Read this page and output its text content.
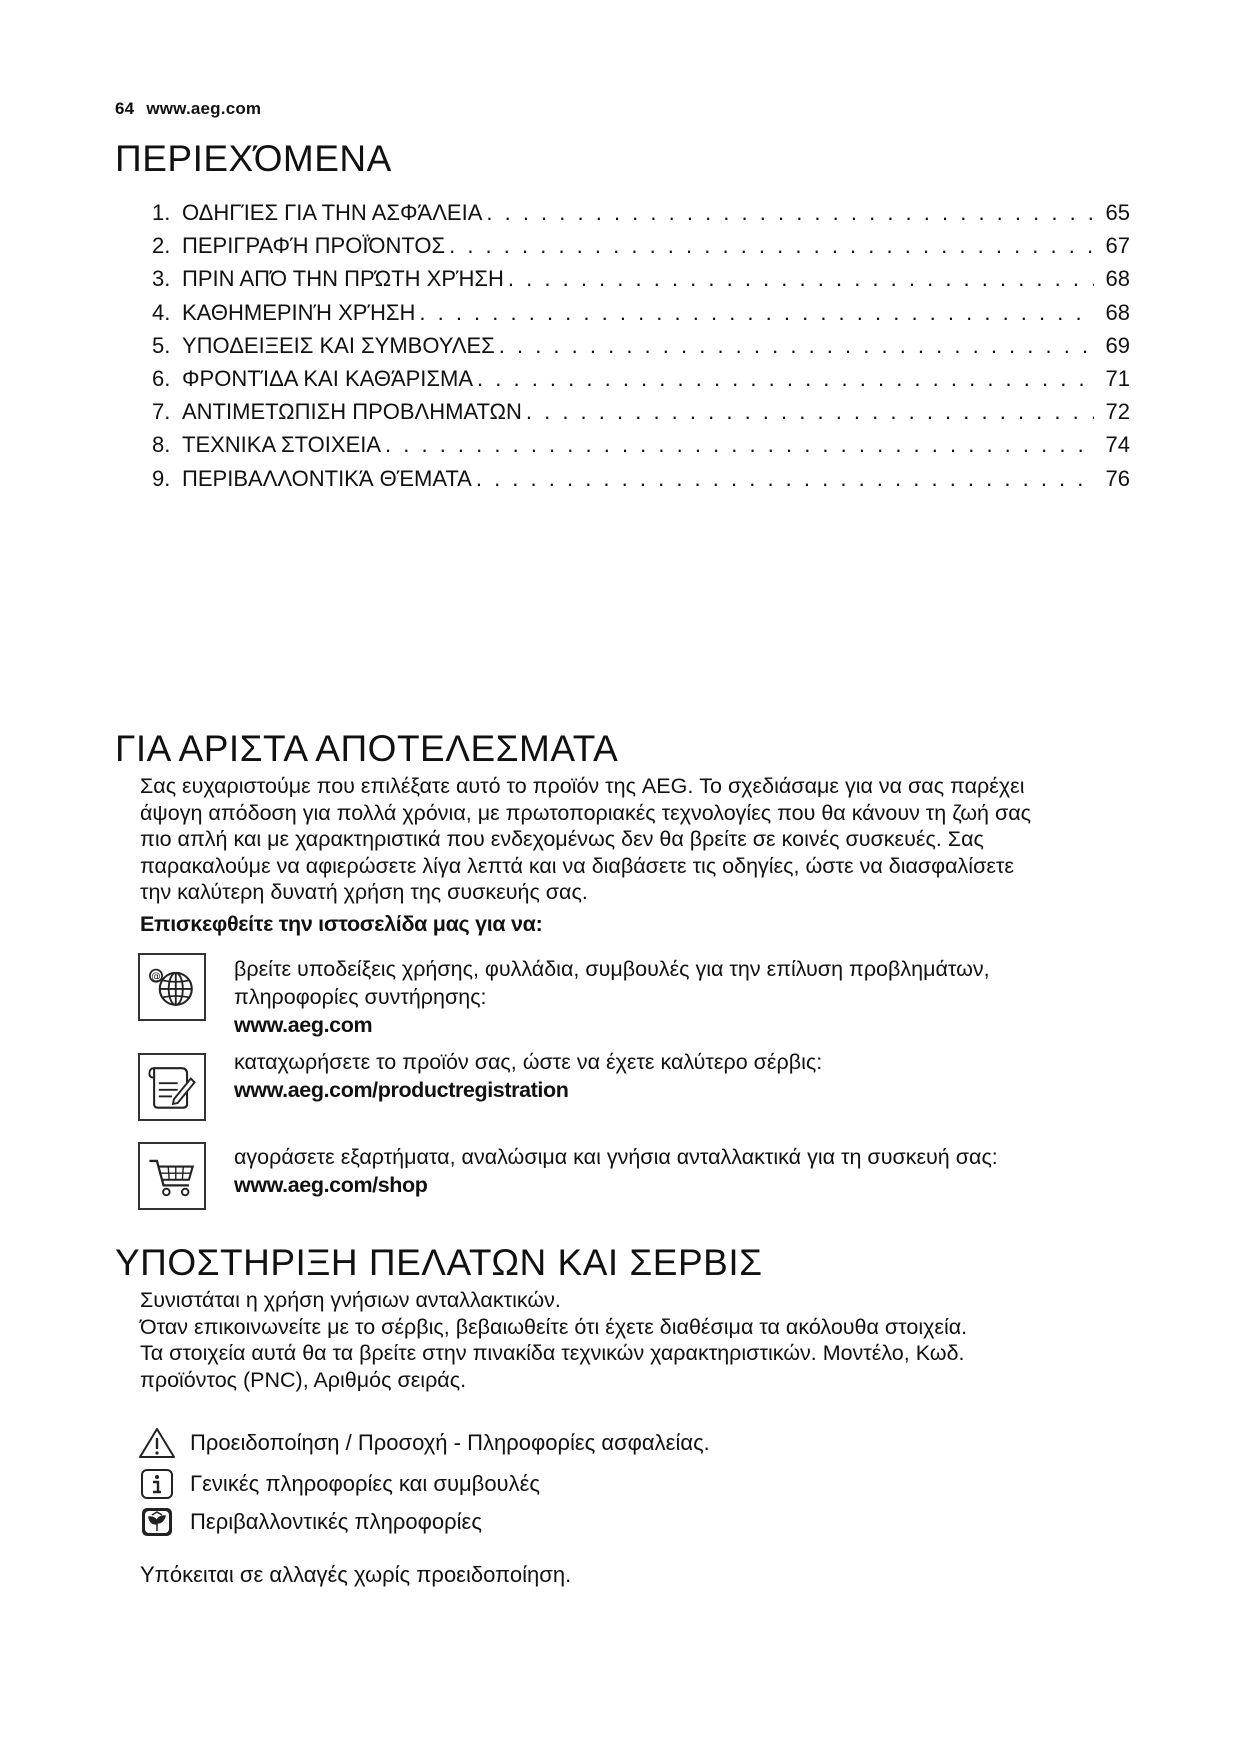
64 www.aeg.com
ΠΕΡΙΕΧΌΜΕΝΑ
1. ΟΔΗΓΊΕΣ ΓΙΑ ΤΗΝ ΑΣΦΆΛΕΙΑ . . .	65
2. ΠΕΡΙΓΡΑΦΉ ΠΡΟΪΌΝΤΟΣ . . .	67
3. ΠΡΙΝ ΑΠΌ ΤΗΝ ΠΡΏΤΗ ΧΡΉΣΗ . . .	68
4. ΚΑΘΗΜΕΡΙΝΉ ΧΡΉΣΗ . . .	68
5. ΥΠΟΔΕΙΞΕΙΣ ΚΑΙ ΣΥΜΒΟΥΛΕΣ . . .	69
6. ΦΡΟΝΤΊΔΑ ΚΑΙ ΚΑΘΆΡΙΣΜΑ . . .	71
7. ΑΝΤΙΜΕΤΩΠΙΣΗ ΠΡΟΒΛΗΜΑΤΩΝ . . .	72
8. ΤΕΧΝΙΚΑ ΣΤΟΙΧΕΙΑ . . .	74
9. ΠΕΡΙΒΑΛΛΟΝΤΙΚΆ ΘΈΜΑΤΑ . . .	76
ΓΙΑ ΑΡΙΣΤΑ ΑΠΟΤΕΛΕΣΜΑΤΑ
Σας ευχαριστούμε που επιλέξατε αυτό το προϊόν της AEG. Το σχεδιάσαμε για να σας παρέχει
άψογη απόδοση για πολλά χρόνια, με πρωτοποριακές τεχνολογίες που θα κάνουν τη ζωή σας
πιο απλή και με χαρακτηριστικά που ενδεχομένως δεν θα βρείτε σε κοινές συσκευές. Σας
παρακαλούμε να αφιερώσετε λίγα λεπτά και να διαβάσετε τις οδηγίες, ώστε να διασφαλίσετε
την καλύτερη δυνατή χρήση της συσκευής σας.
Επισκεφθείτε την ιστοσελίδα μας για να:
@	βρείτε υποδείξεις χρήσης, φυλλάδια, συμβουλές για την επίλυση προβλημάτων,
πληροφορίες συντήρησης:
www.aeg.com
καταχωρήσετε το προϊόν σας, ώστε να έχετε καλύτερο σέρβις:
www.aeg.com/productregistration
αγοράσετε εξαρτήματα, αναλώσιμα και γνήσια ανταλλακτικά για τη συσκευή σας:
www.aeg.com/shop
ΥΠΟΣΤΗΡΙΞΗ ΠΕΛΑΤΩΝ ΚΑΙ ΣΕΡΒΙΣ
Συνιστάται η χρήση γνήσιων ανταλλακτικών.
Όταν επικοινωνείτε με το σέρβις, βεβαιωθείτε ότι έχετε διαθέσιμα τα ακόλουθα στοιχεία.
Τα στοιχεία αυτά θα τα βρείτε στην πινακίδα τεχνικών χαρακτηριστικών. Μοντέλο, Κωδ.
προϊόντος (PNC), Αριθμός σειράς.
Προειδοποίηση / Προσοχή - Πληροφορίες ασφαλείας.
Γενικές πληροφορίες και συμβουλές
Περιβαλλοντικές πληροφορίες
Υπόκειται σε αλλαγές χωρίς προειδοποίηση.
